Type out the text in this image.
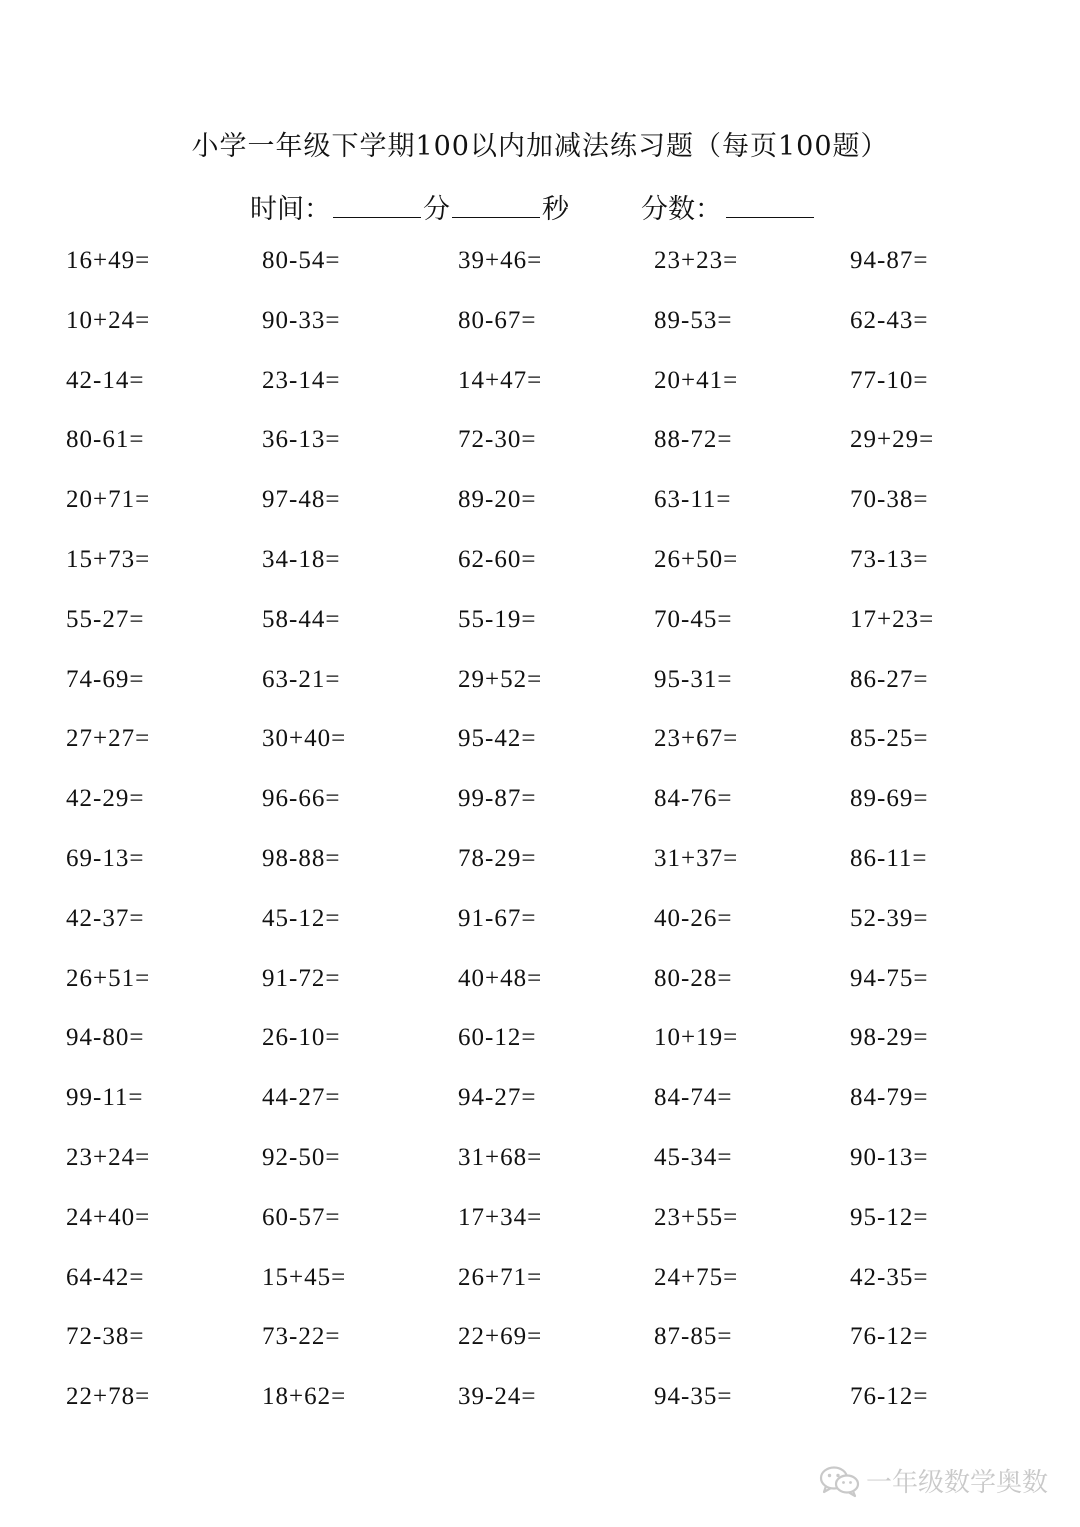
小学一年级下学期100以内加减法练习题（每页100题）
时间：	分	秒	分数：
16+49=	80-54=	39+46=	23+23=	94-87=
10+24=	90-33=	80-67=	89-53=	62-43=
42-14=	23-14=	14+47=	20+41=	77-10=
80-61=	36-13=	72-30=	88-72=	29+29=
20+71=	97-48=	89-20=	63-11=	70-38=
15+73=	34-18=	62-60=	26+50=	73-13=
55-27=	58-44=	55-19=	70-45=	17+23=
74-69=	63-21=	29+52=	95-31=	86-27=
27+27=	30+40=	95-42=	23+67=	85-25=
42-29=	96-66=	99-87=	84-76=	89-69=
69-13=	98-88=	78-29=	31+37=	86-11=
42-37=	45-12=	91-67=	40-26=	52-39=
26+51=	91-72=	40+48=	80-28=	94-75=
94-80=	26-10=	60-12=	10+19=	98-29=
99-11=	44-27=	94-27=	84-74=	84-79=
23+24=	92-50=	31+68=	45-34=	90-13=
24+40=	60-57=	17+34=	23+55=	95-12=
64-42=	15+45=	26+71=	24+75=	42-35=
72-38=	73-22=	22+69=	87-85=	76-12=
22+78=	18+62=	39-24=	94-35=	76-12=
一年级数学奥数
